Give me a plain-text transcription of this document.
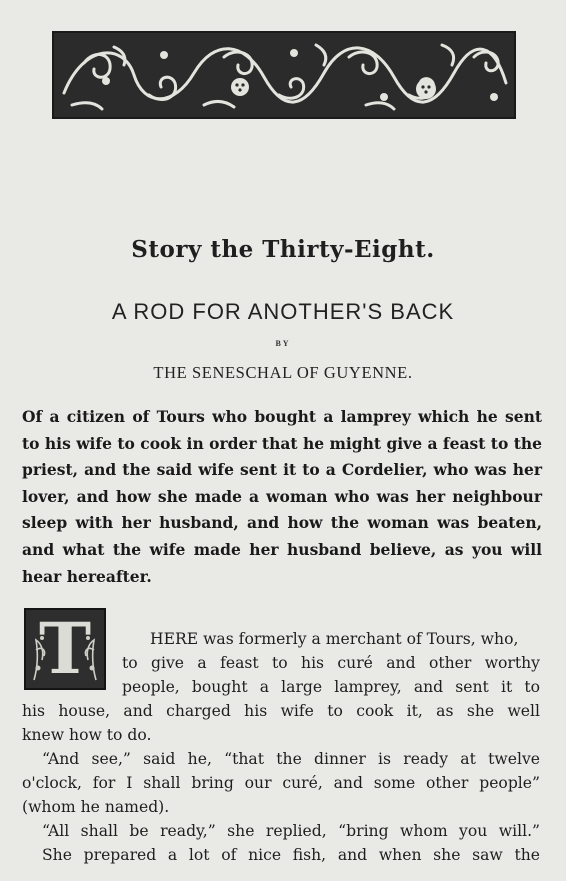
Story the Thirty-Eight.
A ROD FOR ANOTHER'S BACK
BY
THE SENESCHAL OF GUYENNE.
Of a citizen of Tours who bought a lamprey which he sent to his wife to cook in order that he might give a feast to the priest, and the said wife sent it to a Cordelier, who was her lover, and how she made a woman who was her neighbour sleep with her husband, and how the woman was beaten, and what the wife made her husband believe, as you will hear hereafter.
T	HERE was formerly a merchant of Tours, who,
to give a feast to his curé and other worthy
people, bought a large lamprey, and sent it to
his house, and charged his wife to cook it, as she well
knew how to do.
“And see,” said he, “that the dinner is ready at twelve
o'clock, for I shall bring our curé, and some other people”
(whom he named).
“All shall be ready,” she replied, “bring whom you will.”
She prepared a lot of nice fish, and when she saw the
